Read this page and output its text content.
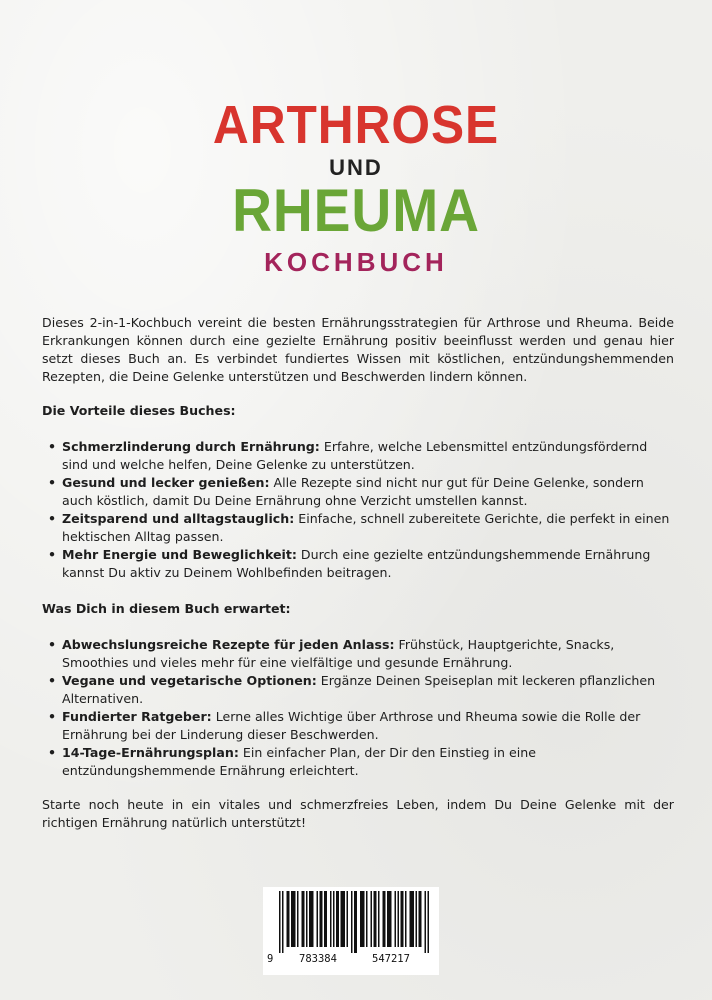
ARTHROSE
UND
RHEUMA
KOCHBUCH

Dieses 2-in-1-Kochbuch vereint die besten Ernährungsstrategien für Arthrose und Rheuma. Beide Erkrankungen können durch eine gezielte Ernährung positiv beeinflusst werden und genau hier setzt dieses Buch an. Es verbindet fundiertes Wissen mit köstlichen, entzündungshemmenden Rezepten, die Deine Gelenke unterstützen und Beschwerden lindern können.

Die Vorteile dieses Buches:
• Schmerzlinderung durch Ernährung: Erfahre, welche Lebensmittel entzündungsfördernd sind und welche helfen, Deine Gelenke zu unterstützen.
• Gesund und lecker genießen: Alle Rezepte sind nicht nur gut für Deine Gelenke, sondern auch köstlich, damit Du Deine Ernährung ohne Verzicht umstellen kannst.
• Zeitsparend und alltagstauglich: Einfache, schnell zubereitete Gerichte, die perfekt in einen hektischen Alltag passen.
• Mehr Energie und Beweglichkeit: Durch eine gezielte entzündungshemmende Ernährung kannst Du aktiv zu Deinem Wohlbefinden beitragen.
Was Dich in diesem Buch erwartet:
• Abwechslungsreiche Rezepte für jeden Anlass: Frühstück, Hauptgerichte, Snacks, Smoothies und vieles mehr für eine vielfältige und gesunde Ernährung.
• Vegane und vegetarische Optionen: Ergänze Deinen Speiseplan mit leckeren pflanzlichen Alternativen.
• Fundierter Ratgeber: Lerne alles Wichtige über Arthrose und Rheuma sowie die Rolle der Ernährung bei der Linderung dieser Beschwerden.
• 14-Tage-Ernährungsplan: Ein einfacher Plan, der Dir den Einstieg in eine entzündungshemmende Ernährung erleichtert.

Starte noch heute in ein vitales und schmerzfreies Leben, indem Du Deine Gelenke mit der richtigen Ernährung natürlich unterstützt!

9 783384	547217
